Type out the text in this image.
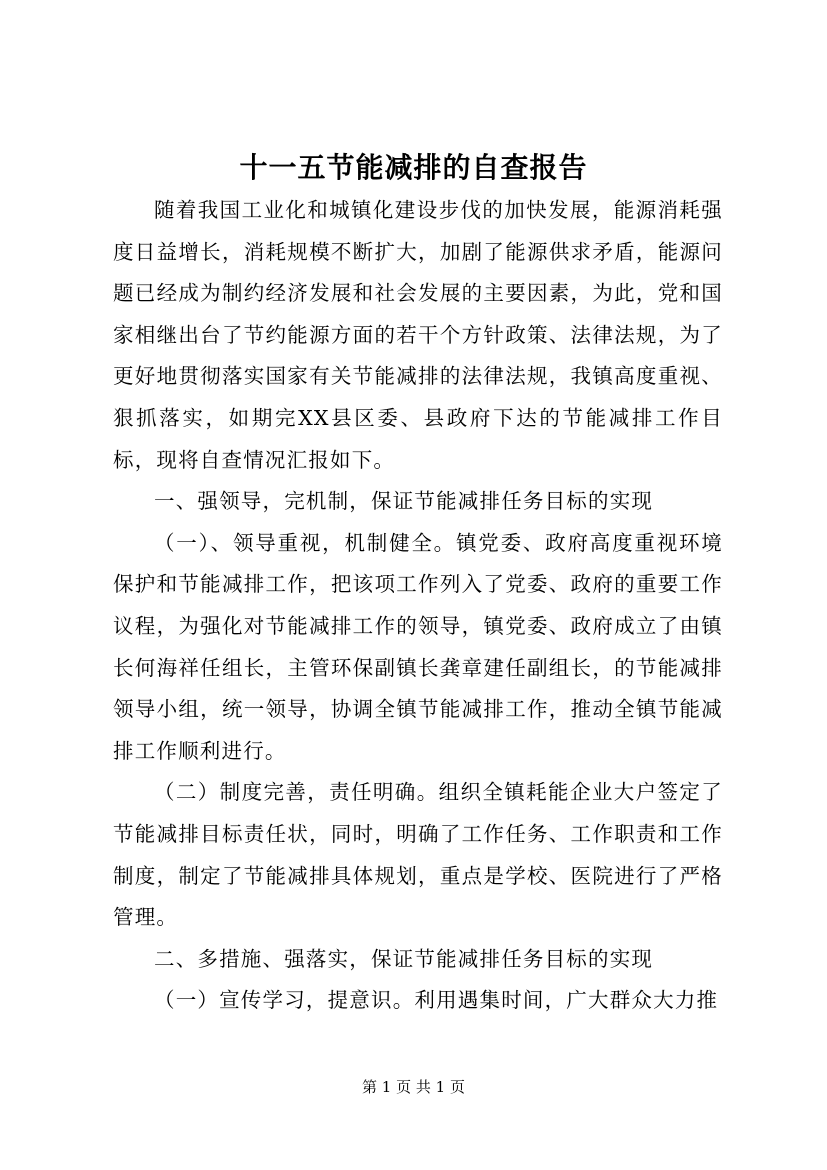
十一五节能减排的自查报告

随着我国工业化和城镇化建设步伐的加快发展，能源消耗强度日益增长，消耗规模不断扩大，加剧了能源供求矛盾，能源问题已经成为制约经济发展和社会发展的主要因素，为此，党和国家相继出台了节约能源方面的若干个方针政策、法律法规，为了更好地贯彻落实国家有关节能减排的法律法规，我镇高度重视、狠抓落实，如期完XX县区委、县政府下达的节能减排工作目标，现将自查情况汇报如下。

一、强领导，完机制，保证节能减排任务目标的实现

（一）、领导重视，机制健全。镇党委、政府高度重视环境保护和节能减排工作，把该项工作列入了党委、政府的重要工作议程，为强化对节能减排工作的领导，镇党委、政府成立了由镇长何海祥任组长，主管环保副镇长龚章建任副组长，的节能减排领导小组，统一领导，协调全镇节能减排工作，推动全镇节能减排工作顺利进行。

（二）制度完善，责任明确。组织全镇耗能企业大户签定了节能减排目标责任状，同时，明确了工作任务、工作职责和工作制度，制定了节能减排具体规划，重点是学校、医院进行了严格管理。

二、多措施、强落实，保证节能减排任务目标的实现

（一）宣传学习，提意识。利用遇集时间，广大群众大力推

第 1 页 共 1 页
